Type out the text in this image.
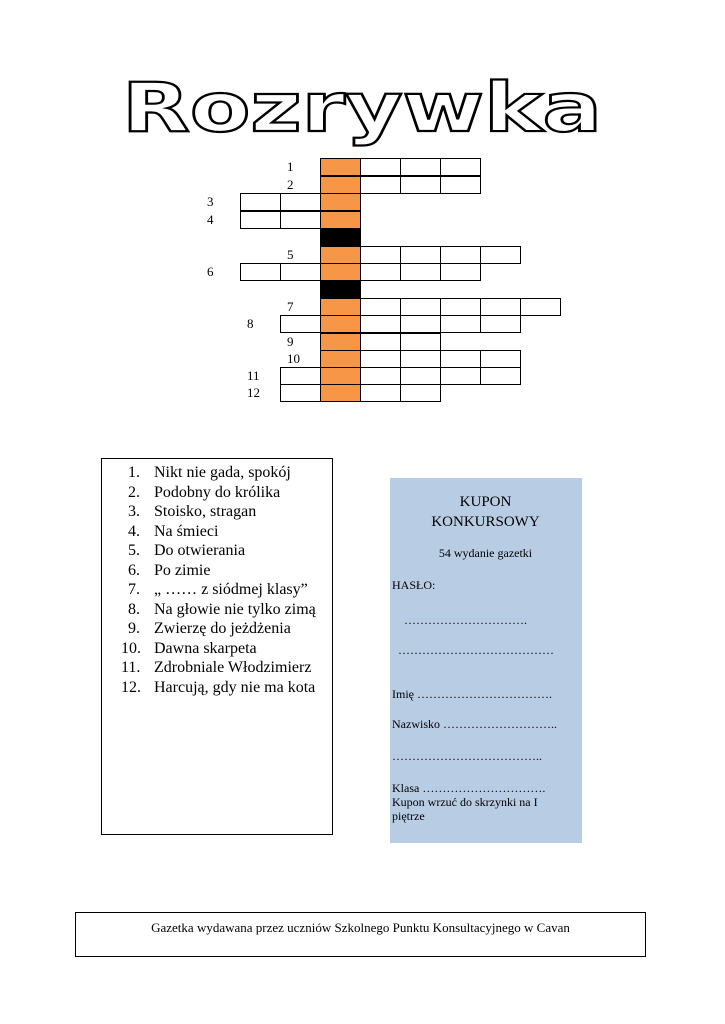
Rozrywka
1
2
3
4
5
6
7
8
9
10
11
12
1. Nikt nie gada, spokój
2. Podobny do królika
3. Stoisko, stragan
4. Na śmieci
5. Do otwierania
6. Po zimie
7. „ …… z siódmej klasy”
8. Na głowie nie tylko zimą
9. Zwierzę do jeżdżenia
10. Dawna skarpeta
11. Zdrobniale Włodzimierz
12. Harcują, gdy nie ma kota
KUPON
KONKURSOWY
54 wydanie gazetki
HASŁO:
………………………….
…………………………………
Imię …………………………….
Nazwisko ………………………..
………………………………..
Klasa ………………………….
Kupon wrzuć do skrzynki na I piętrze
Gazetka wydawana przez uczniów Szkolnego Punktu Konsultacyjnego w Cavan
